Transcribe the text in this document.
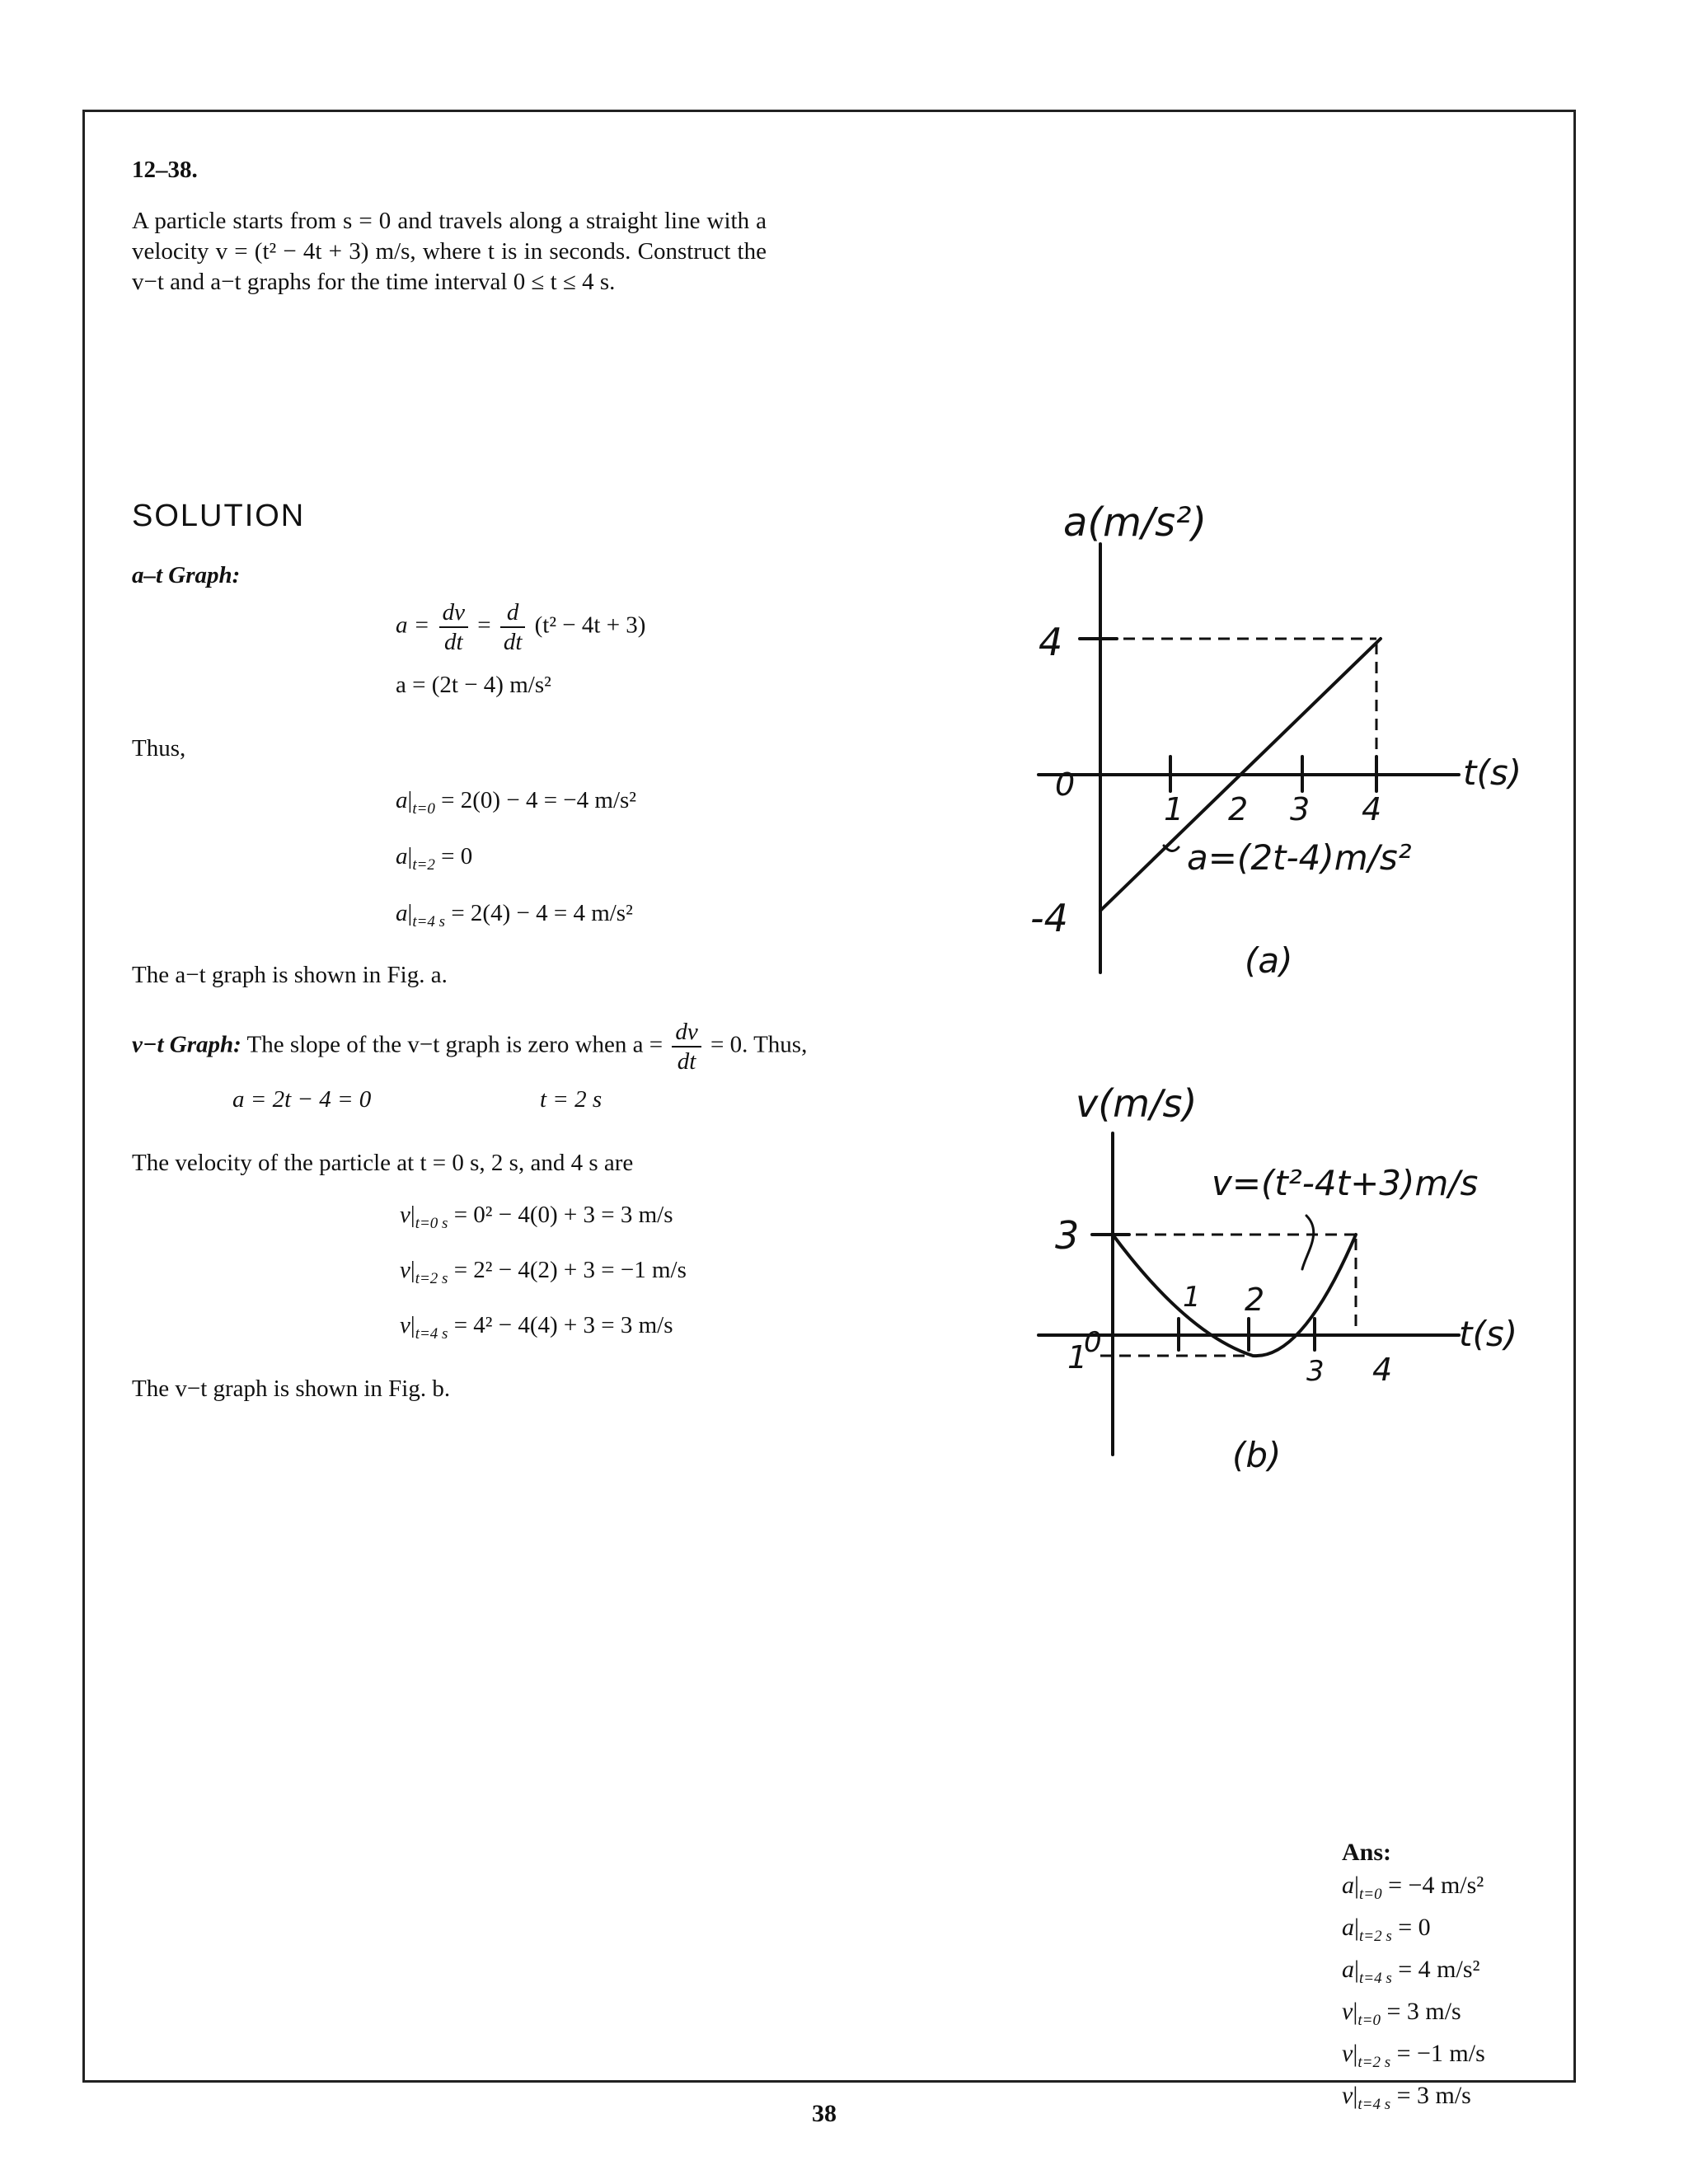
12–38.
A particle starts from s = 0 and travels along a straight line with a velocity v = (t² − 4t + 3) m/s, where t is in seconds. Construct the v−t and a−t graphs for the time interval 0 ≤ t ≤ 4 s.
SOLUTION
a–t Graph:
$a = \frac{dv}{dt} = \frac{d}{dt} (t^2 - 4t + 3)$
a = (2t − 4) m/s²
Thus,
$a|_{t=0} = 2(0) - 4 = -4$ m/s²
$a|_{t=2} = 0$
$a|_{t=4 s} = 2(4) - 4 = 4$ m/s²
The a−t graph is shown in Fig. a.
v−t Graph: The slope of the v−t graph is zero when $a = \frac{dv}{dt} = 0$. Thus,
a = 2t − 4 = 0	t = 2 s
The velocity of the particle at t = 0 s, 2 s, and 4 s are
$v|_{t=0 s} = 0^2 - 4(0) + 3 = 3$ m/s
$v|_{t=2 s} = 2^2 - 4(2) + 3 = -1$ m/s
$v|_{t=4 s} = 4^2 - 4(4) + 3 = 3$ m/s
The v−t graph is shown in Fig. b.
a(m/s²)
4
0
-4
1 2 3 4
t(s)
a=(2t-4)m/s²
(a)
v(m/s)
v=(t²-4t+3)m/s
3
0
1
1 2
3 4
t(s)
(b)
Ans:
$a|_{t=0} = -4$ m/s²
$a|_{t=2 s} = 0$
$a|_{t=4 s} = 4$ m/s²
$v|_{t=0} = 3$ m/s
$v|_{t=2 s} = -1$ m/s
$v|_{t=4 s} = 3$ m/s
38
